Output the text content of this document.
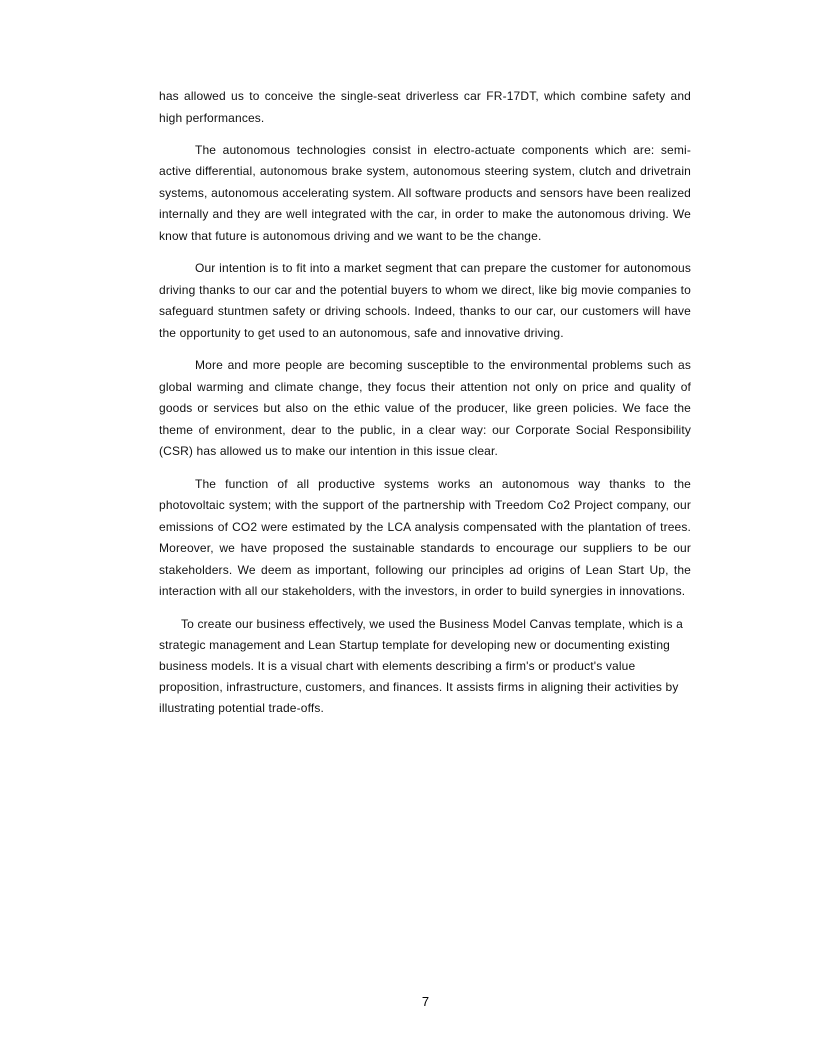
has allowed us to conceive the single-seat driverless car FR-17DT, which combine safety and high performances.

The autonomous technologies consist in electro-actuate components which are: semi-active differential, autonomous brake system, autonomous steering system, clutch and drivetrain systems, autonomous accelerating system. All software products and sensors have been realized internally and they are well integrated with the car, in order to make the autonomous driving. We know that future is autonomous driving and we want to be the change.

Our intention is to fit into a market segment that can prepare the customer for autonomous driving thanks to our car and the potential buyers to whom we direct, like big movie companies to safeguard stuntmen safety or driving schools. Indeed, thanks to our car, our customers will have the opportunity to get used to an autonomous, safe and innovative driving.

More and more people are becoming susceptible to the environmental problems such as global warming and climate change, they focus their attention not only on price and quality of goods or services but also on the ethic value of the producer, like green policies. We face the theme of environment, dear to the public, in a clear way: our Corporate Social Responsibility (CSR) has allowed us to make our intention in this issue clear.

The function of all productive systems works an autonomous way thanks to the photovoltaic system; with the support of the partnership with Treedom Co2 Project company, our emissions of CO2 were estimated by the LCA analysis compensated with the plantation of trees. Moreover, we have proposed the sustainable standards to encourage our suppliers to be our stakeholders. We deem as important, following our principles ad origins of Lean Start Up, the interaction with all our stakeholders, with the investors, in order to build synergies in innovations.

To create our business effectively, we used the Business Model Canvas template, which is a strategic management and Lean Startup template for developing new or documenting existing business models. It is a visual chart with elements describing a firm's or product's value proposition, infrastructure, customers, and finances. It assists firms in aligning their activities by illustrating potential trade-offs.

7
